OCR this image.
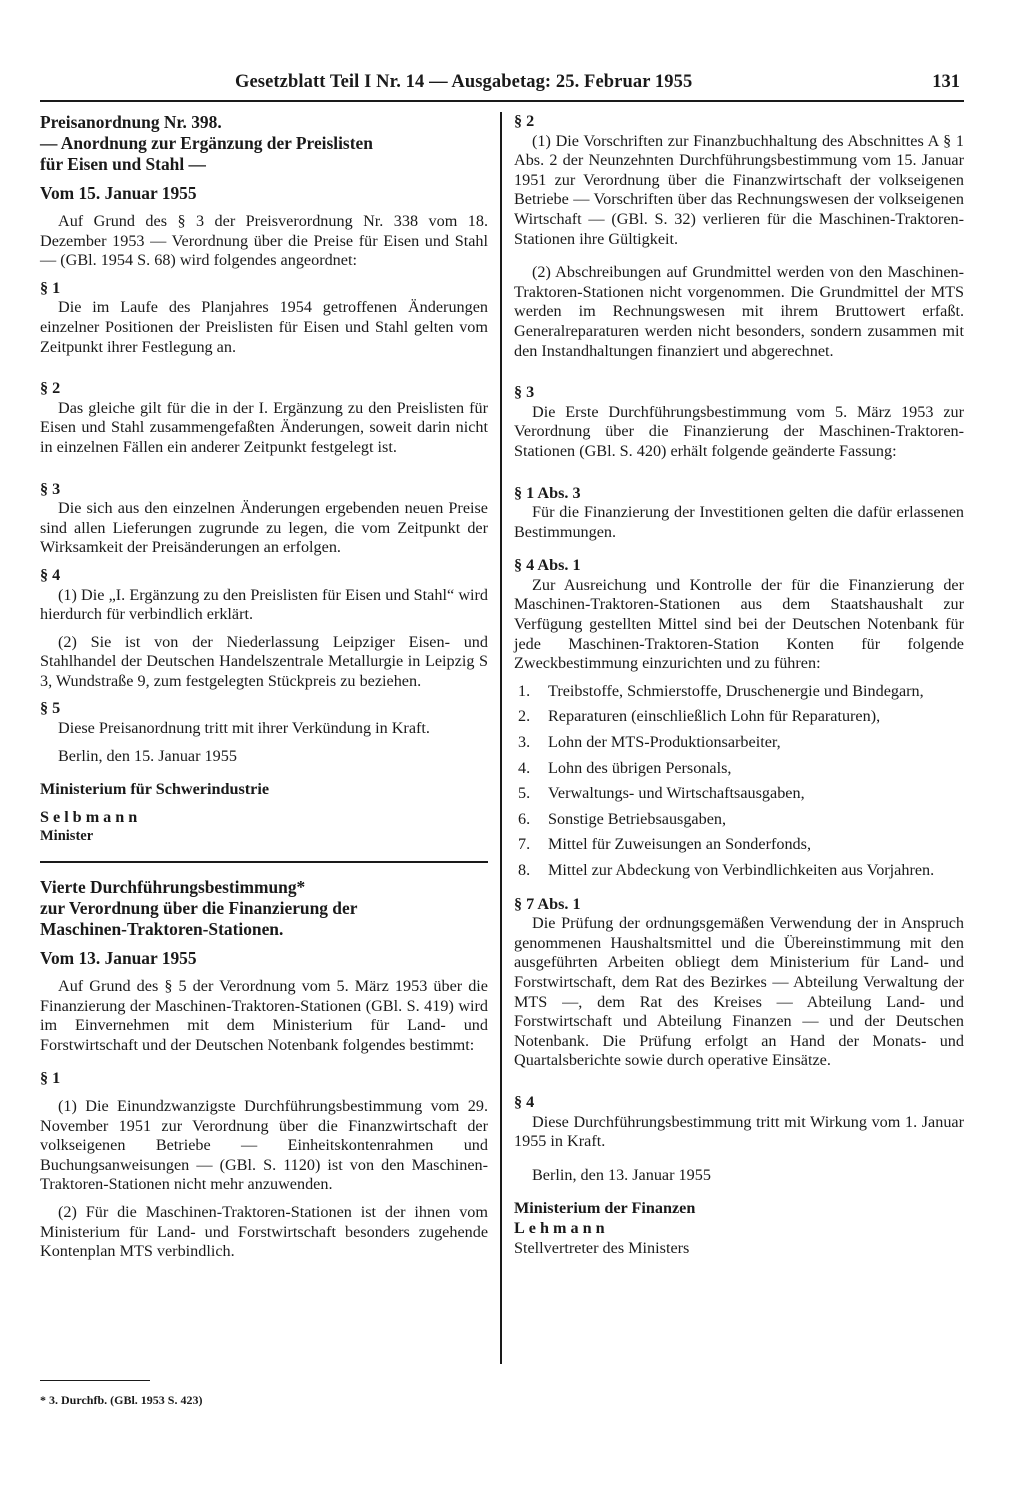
Gesetzblatt Teil I Nr. 14 — Ausgabetag: 25. Februar 1955	131

Preisanordnung Nr. 398.

— Anordnung zur Ergänzung der Preislisten

für Eisen und Stahl —

Vom 15. Januar 1955

Auf Grund des § 3 der Preisverordnung Nr. 338 vom 18. Dezember 1953 — Verordnung über die Preise für Eisen und Stahl — (GBl. 1954 S. 68) wird folgendes angeordnet:

§ 1

Die im Laufe des Planjahres 1954 getroffenen Änderungen einzelner Positionen der Preislisten für Eisen und Stahl gelten vom Zeitpunkt ihrer Festlegung an.

§ 2

Das gleiche gilt für die in der I. Ergänzung zu den Preislisten für Eisen und Stahl zusammengefaßten Änderungen, soweit darin nicht in einzelnen Fällen ein anderer Zeitpunkt festgelegt ist.

§ 3

Die sich aus den einzelnen Änderungen ergebenden neuen Preise sind allen Lieferungen zugrunde zu legen, die vom Zeitpunkt der Wirksamkeit der Preisänderungen an erfolgen.

§ 4

(1) Die „I. Ergänzung zu den Preislisten für Eisen und Stahl“ wird hierdurch für verbindlich erklärt.

(2) Sie ist von der Niederlassung Leipziger Eisen- und Stahlhandel der Deutschen Handelszentrale Metallurgie in Leipzig S 3, Wundstraße 9, zum festgelegten Stückpreis zu beziehen.

§ 5

Diese Preisanordnung tritt mit ihrer Verkündung in Kraft.

Berlin, den 15. Januar 1955

Ministerium für Schwerindustrie

Selbmann

Minister

Vierte Durchführungsbestimmung*

zur Verordnung über die Finanzierung der

Maschinen-Traktoren-Stationen.

Vom 13. Januar 1955

Auf Grund des § 5 der Verordnung vom 5. März 1953 über die Finanzierung der Maschinen-Traktoren-Stationen (GBl. S. 419) wird im Einvernehmen mit dem Ministerium für Land- und Forstwirtschaft und der Deutschen Notenbank folgendes bestimmt:

§ 1

(1) Die Einundzwanzigste Durchführungsbestimmung vom 29. November 1951 zur Verordnung über die Finanzwirtschaft der volkseigenen Betriebe — Einheitskontenrahmen und Buchungsanweisungen — (GBl. S. 1120) ist von den Maschinen-Traktoren-Stationen nicht mehr anzuwenden.

(2) Für die Maschinen-Traktoren-Stationen ist der ihnen vom Ministerium für Land- und Forstwirtschaft besonders zugehende Kontenplan MTS verbindlich.

§ 2

(1) Die Vorschriften zur Finanzbuchhaltung des Abschnittes A § 1 Abs. 2 der Neunzehnten Durchführungsbestimmung vom 15. Januar 1951 zur Verordnung über die Finanzwirtschaft der volkseigenen Betriebe — Vorschriften über das Rechnungswesen der volkseigenen Wirtschaft — (GBl. S. 32) verlieren für die Maschinen-Traktoren-Stationen ihre Gültigkeit.

(2) Abschreibungen auf Grundmittel werden von den Maschinen-Traktoren-Stationen nicht vorgenommen. Die Grundmittel der MTS werden im Rechnungswesen mit ihrem Bruttowert erfaßt. Generalreparaturen werden nicht besonders, sondern zusammen mit den Instandhaltungen finanziert und abgerechnet.

§ 3

Die Erste Durchführungsbestimmung vom 5. März 1953 zur Verordnung über die Finanzierung der Maschinen-Traktoren-Stationen (GBl. S. 420) erhält folgende geänderte Fassung:

§ 1 Abs. 3

Für die Finanzierung der Investitionen gelten die dafür erlassenen Bestimmungen.

§ 4 Abs. 1

Zur Ausreichung und Kontrolle der für die Finanzierung der Maschinen-Traktoren-Stationen aus dem Staatshaushalt zur Verfügung gestellten Mittel sind bei der Deutschen Notenbank für jede Maschinen-Traktoren-Station Konten für folgende Zweckbestimmung einzurichten und zu führen:

1.	Treibstoffe, Schmierstoffe, Druschenergie und Bindegarn,
2.	Reparaturen (einschließlich Lohn für Reparaturen),
3.	Lohn der MTS-Produktionsarbeiter,
4.	Lohn des übrigen Personals,
5.	Verwaltungs- und Wirtschaftsausgaben,
6.	Sonstige Betriebsausgaben,
7.	Mittel für Zuweisungen an Sonderfonds,
8.	Mittel zur Abdeckung von Verbindlichkeiten aus Vorjahren.

§ 7 Abs. 1

Die Prüfung der ordnungsgemäßen Verwendung der in Anspruch genommenen Haushaltsmittel und die Übereinstimmung mit den ausgeführten Arbeiten obliegt dem Ministerium für Land- und Forstwirtschaft, dem Rat des Bezirkes — Abteilung Verwaltung der MTS —, dem Rat des Kreises — Abteilung Land- und Forstwirtschaft und Abteilung Finanzen — und der Deutschen Notenbank. Die Prüfung erfolgt an Hand der Monats- und Quartalsberichte sowie durch operative Einsätze.

§ 4

Diese Durchführungsbestimmung tritt mit Wirkung vom 1. Januar 1955 in Kraft.

Berlin, den 13. Januar 1955

Ministerium der Finanzen

Lehmann

Stellvertreter des Ministers

* 3. Durchfb. (GBl. 1953 S. 423)
